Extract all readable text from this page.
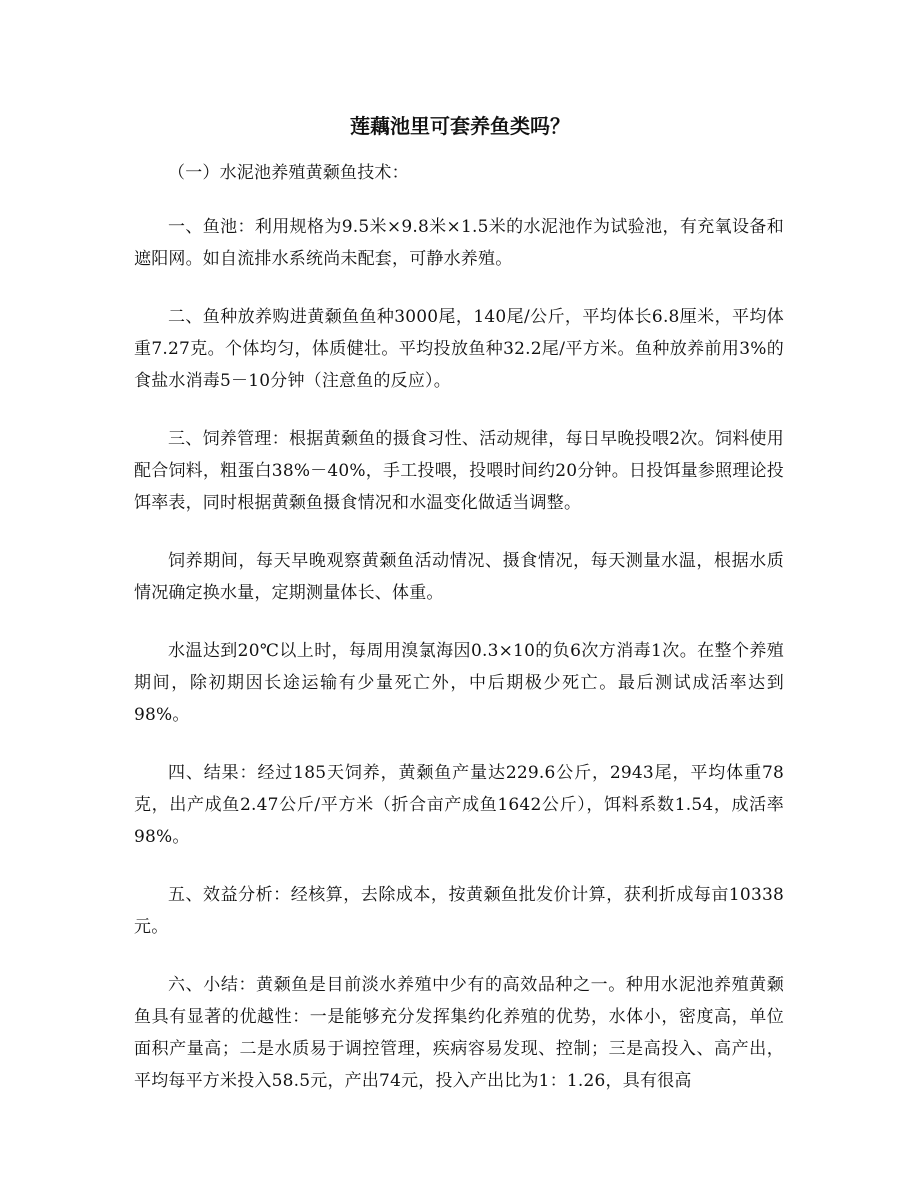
莲藕池里可套养鱼类吗？

（一）水泥池养殖黄颡鱼技术：

一、鱼池：利用规格为9.5米×9.8米×1.5米的水泥池作为试验池，有充氧设备和遮阳网。如自流排水系统尚未配套，可静水养殖。

二、鱼种放养购进黄颡鱼鱼种3000尾，140尾/公斤，平均体长6.8厘米，平均体重7.27克。个体均匀，体质健壮。平均投放鱼种32.2尾/平方米。鱼种放养前用3%的食盐水消毒5－10分钟（注意鱼的反应）。

三、饲养管理：根据黄颡鱼的摄食习性、活动规律，每日早晚投喂2次。饲料使用配合饲料，粗蛋白38%－40%，手工投喂，投喂时间约20分钟。日投饵量参照理论投饵率表，同时根据黄颡鱼摄食情况和水温变化做适当调整。

饲养期间，每天早晚观察黄颡鱼活动情况、摄食情况，每天测量水温，根据水质情况确定换水量，定期测量体长、体重。

水温达到20℃以上时，每周用溴氯海因0.3×10的负6次方消毒1次。在整个养殖期间，除初期因长途运输有少量死亡外，中后期极少死亡。最后测试成活率达到98%。

四、结果：经过185天饲养，黄颡鱼产量达229.6公斤，2943尾，平均体重78克，出产成鱼2.47公斤/平方米（折合亩产成鱼1642公斤），饵料系数1.54，成活率98%。

五、效益分析：经核算，去除成本，按黄颡鱼批发价计算，获利折成每亩10338元。

六、小结：黄颡鱼是目前淡水养殖中少有的高效品种之一。种用水泥池养殖黄颡鱼具有显著的优越性：一是能够充分发挥集约化养殖的优势，水体小，密度高，单位面积产量高；二是水质易于调控管理，疾病容易发现、控制；三是高投入、高产出，平均每平方米投入58.5元，产出74元，投入产出比为1：1.26，具有很高
